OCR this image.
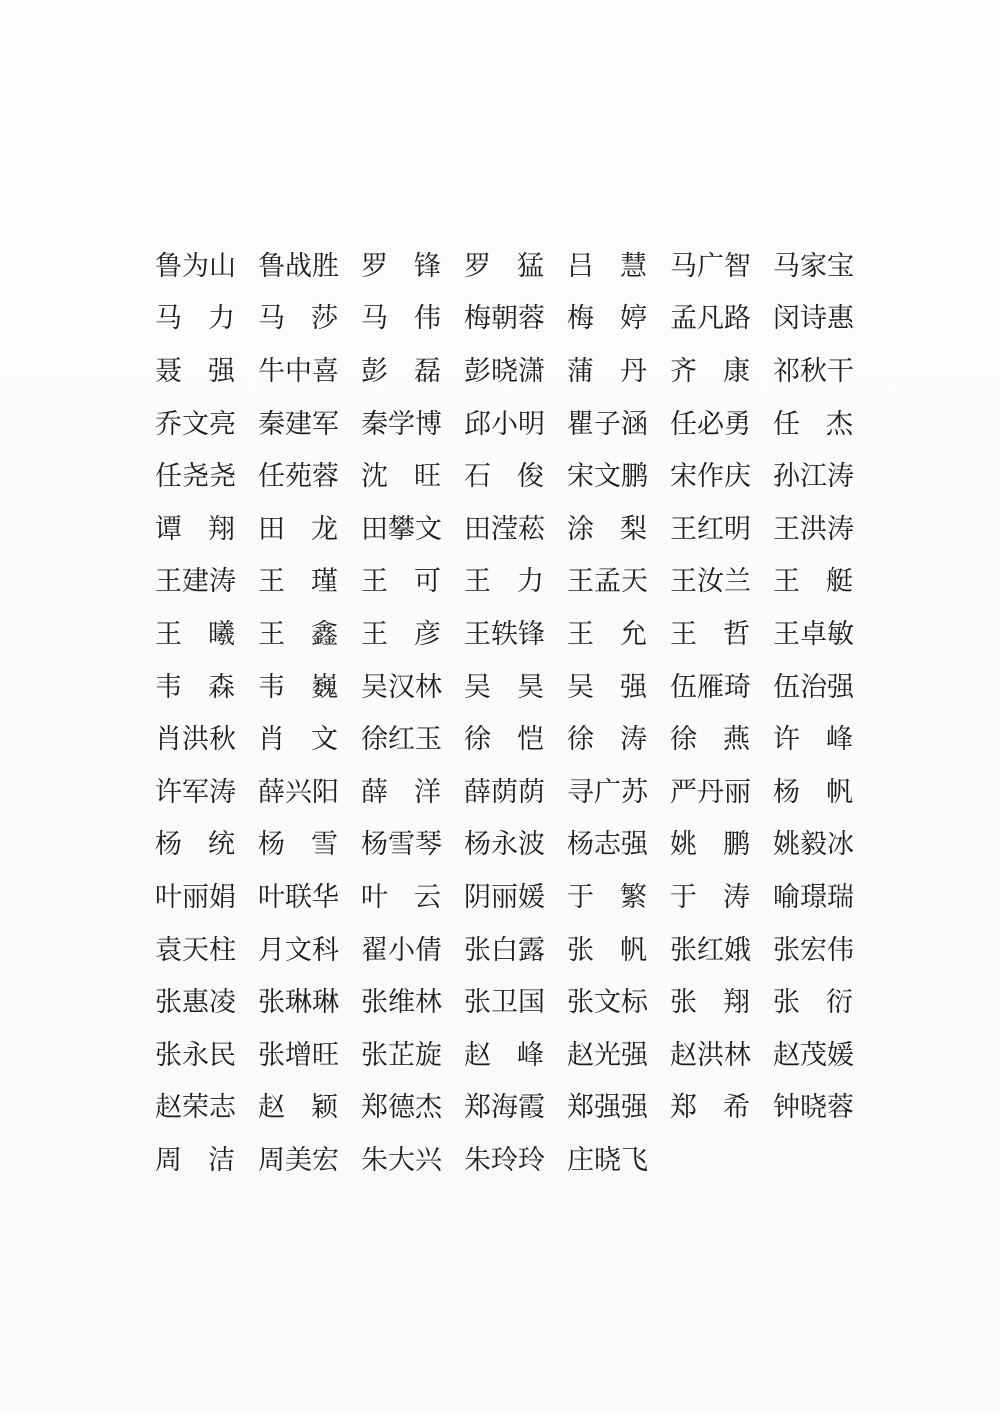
鲁 为 山 鲁 战 胜 罗 锋 罗 猛 吕 慧 马 广 智 马 家 宝
马 力 马 莎 马 伟 梅 朝 蓉 梅 婷 孟 凡 路 闵 诗 惠
聂 强 牛 中 喜 彭 磊 彭 晓 潇 蒲 丹 齐 康 祁 秋 干
乔 文 亮 秦 建 军 秦 学 博 邱 小 明 瞿 子 涵 任 必 勇 任 杰
任 尧 尧 任 苑 蓉 沈 旺 石 俊 宋 文 鹏 宋 作 庆 孙 江 涛
谭 翔 田 龙 田 攀 文 田 滢 菘 涂 梨 王 红 明 王 洪 涛
王 建 涛 王 瑾 王 可 王 力 王 孟 天 王 汝 兰 王 艇
王 曦 王 鑫 王 彦 王 轶 锋 王 允 王 哲 王 卓 敏
韦 森 韦 巍 吴 汉 林 吴 昊 吴 强 伍 雁 琦 伍 治 强
肖 洪 秋 肖 文 徐 红 玉 徐 恺 徐 涛 徐 燕 许 峰
许 军 涛 薛 兴 阳 薛 洋 薛 荫 荫 寻 广 苏 严 丹 丽 杨 帆
杨 统 杨 雪 杨 雪 琴 杨 永 波 杨 志 强 姚 鹏 姚 毅 冰
叶 丽 娟 叶 联 华 叶 云 阴 丽 媛 于 繁 于 涛 喻 璟 瑞
袁 天 柱 月 文 科 翟 小 倩 张 白 露 张 帆 张 红 娥 张 宏 伟
张 惠 凌 张 琳 琳 张 维 林 张 卫 国 张 文 标 张 翔 张 衍
张 永 民 张 增 旺 张 芷 旋 赵 峰 赵 光 强 赵 洪 林 赵 茂 媛
赵 荣 志 赵 颖 郑 德 杰 郑 海 霞 郑 强 强 郑 希 钟 晓 蓉
周 洁 周 美 宏 朱 大 兴 朱 玲 玲 庄 晓 飞
